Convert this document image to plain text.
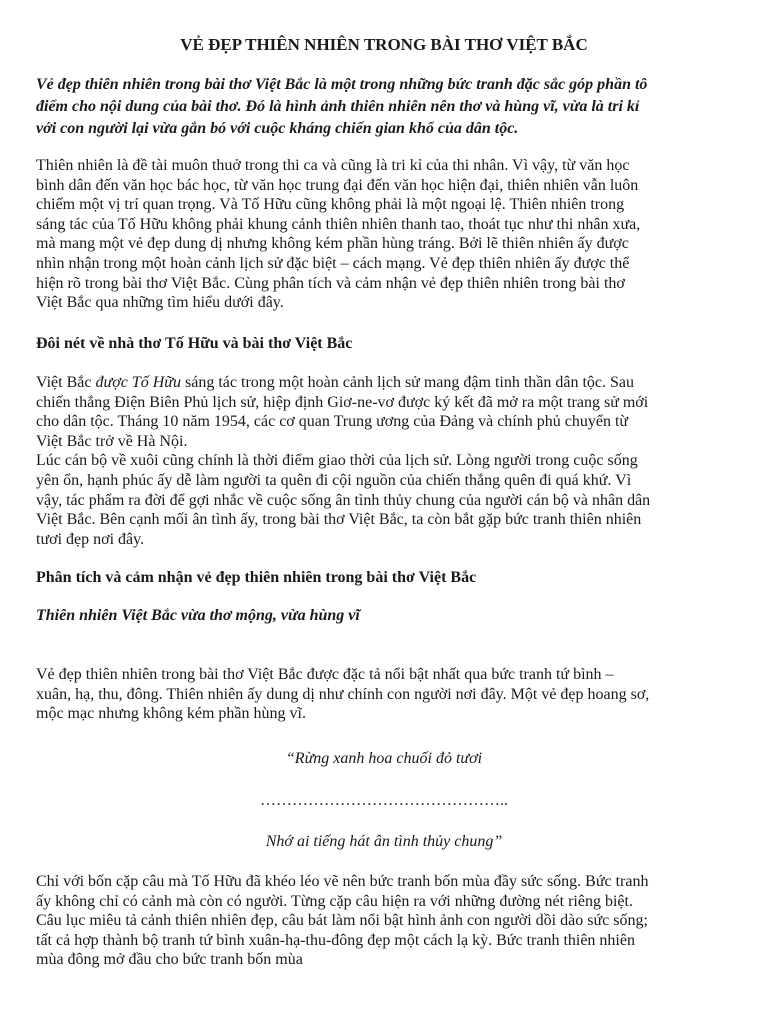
VẺ ĐẸP THIÊN NHIÊN TRONG BÀI THƠ VIỆT BẮC
Vẻ đẹp thiên nhiên trong bài thơ Việt Bắc là một trong những bức tranh đặc sắc góp phần tô
điểm cho nội dung của bài thơ. Đó là hình ảnh thiên nhiên nên thơ và hùng vĩ, vừa là tri kỉ
với con người lại vừa gắn bó với cuộc kháng chiến gian khổ của dân tộc.
Thiên nhiên là đề tài muôn thuở trong thi ca và cũng là tri kỉ của thi nhân. Vì vậy, từ văn học
bình dân đến văn học bác học, từ văn học trung đại đến văn học hiện đại, thiên nhiên vẫn luôn
chiếm một vị trí quan trọng. Và Tố Hữu cũng không phải là một ngoại lệ. Thiên nhiên trong
sáng tác của Tố Hữu không phải khung cảnh thiên nhiên thanh tao, thoát tục như thi nhân xưa,
mà mang một vẻ đẹp dung dị nhưng không kém phần hùng tráng. Bởi lẽ thiên nhiên ấy được
nhìn nhận trong một hoàn cảnh lịch sử đặc biệt – cách mạng. Vẻ đẹp thiên nhiên ấy được thể
hiện rõ trong bài thơ Việt Bắc. Cùng phân tích và cảm nhận vẻ đẹp thiên nhiên trong bài thơ
Việt Bắc qua những tìm hiểu dưới đây.
Đôi nét về nhà thơ Tố Hữu và bài thơ Việt Bắc
Việt Bắc được Tố Hữu sáng tác trong một hoàn cảnh lịch sử mang đậm tinh thần dân tộc. Sau
chiến thắng Điện Biên Phủ lịch sử, hiệp định Giơ-ne-vơ được ký kết đã mở ra một trang sử mới
cho dân tộc. Tháng 10 năm 1954, các cơ quan Trung ương của Đảng và chính phủ chuyển từ
Việt Bắc trở về Hà Nội.
Lúc cán bộ về xuôi cũng chính là thời điểm giao thời của lịch sử. Lòng người trong cuộc sống
yên ổn, hạnh phúc ấy dễ làm người ta quên đi cội nguồn của chiến thắng quên đi quá khứ. Vì
vậy, tác phẩm ra đời để gợi nhắc về cuộc sống ân tình thủy chung của người cán bộ và nhân dân
Việt Bắc. Bên cạnh mối ân tình ấy, trong bài thơ Việt Bắc, ta còn bắt gặp bức tranh thiên nhiên
tươi đẹp nơi đây.
Phân tích và cảm nhận vẻ đẹp thiên nhiên trong bài thơ Việt Bắc
Thiên nhiên Việt Bắc vừa thơ mộng, vừa hùng vĩ
Vẻ đẹp thiên nhiên trong bài thơ Việt Bắc được đặc tả nổi bật nhất qua bức tranh tứ bình –
xuân, hạ, thu, đông. Thiên nhiên ấy dung dị như chính con người nơi đây. Một vẻ đẹp hoang sơ,
mộc mạc nhưng không kém phần hùng vĩ.
“Rừng xanh hoa chuối đỏ tươi
………………………………………..
Nhớ ai tiếng hát ân tình thủy chung”
Chỉ với bốn cặp câu mà Tố Hữu đã khéo léo vẽ nên bức tranh bốn mùa đầy sức sống. Bức tranh
ấy không chỉ có cảnh mà còn có người. Từng cặp câu hiện ra với những đường nét riêng biệt.
Câu lục miêu tả cảnh thiên nhiên đẹp, câu bát làm nổi bật hình ảnh con người dồi dào sức sống;
tất cả hợp thành bộ tranh tứ bình xuân-hạ-thu-đông đẹp một cách lạ kỳ. Bức tranh thiên nhiên
mùa đông mở đầu cho bức tranh bốn mùa
